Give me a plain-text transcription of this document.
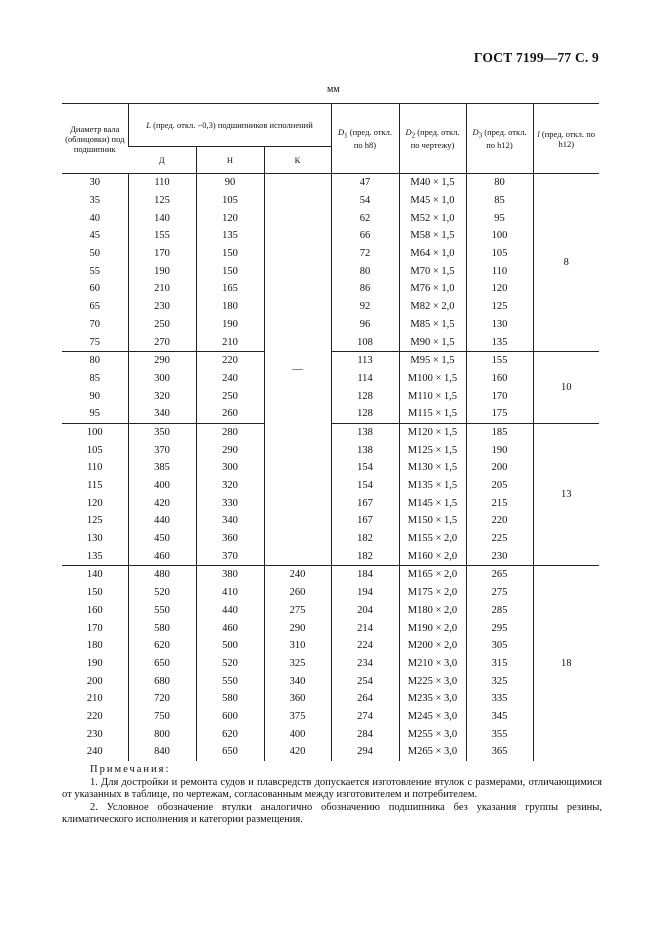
ГОСТ 7199—77 С. 9
мм
Диаметр вала (облицовки) под подшипник	L (пред. откл. −0,3) подшипников исполнений			$D_1$ (пред. откл. по h8)	$D_2$ (пред. откл. по чертежу)	$D_3$ (пред. откл. по h12)	l (пред. откл. по h12)
	Д	Н	К				
30	110	90	—	47	M40 × 1,5	80	8
35	125	105		54	M45 × 1,0	85	
40	140	120		62	M52 × 1,0	95	
45	155	135		66	M58 × 1,5	100	
50	170	150		72	M64 × 1,0	105	
55	190	150		80	M70 × 1,5	110	
60	210	165		86	M76 × 1,0	120	
65	230	180		92	M82 × 2,0	125	
70	250	190		96	M85 × 1,5	130	
75	270	210		108	M90 × 1,5	135	
80	290	220		113	M95 × 1,5	155	10
85	300	240		114	M100 × 1,5	160	
90	320	250		128	M110 × 1,5	170	
95	340	260		128	M115 × 1,5	175	
100	350	280		138	M120 × 1,5	185	13
105	370	290		138	M125 × 1,5	190	
110	385	300		154	M130 × 1,5	200	
115	400	320		154	M135 × 1,5	205	
120	420	330		167	M145 × 1,5	215	
125	440	340		167	M150 × 1,5	220	
130	450	360		182	M155 × 2,0	225	
135	460	370		182	M160 × 2,0	230	
140	480	380	240	184	M165 × 2,0	265	18
150	520	410	260	194	M175 × 2,0	275	
160	550	440	275	204	M180 × 2,0	285	
170	580	460	290	214	M190 × 2,0	295	
180	620	500	310	224	M200 × 2,0	305	
190	650	520	325	234	M210 × 3,0	315	
200	680	550	340	254	M225 × 3,0	325	
210	720	580	360	264	M235 × 3,0	335	
220	750	600	375	274	M245 × 3,0	345	
230	800	620	400	284	M255 × 3,0	355	
240	840	650	420	294	M265 × 3,0	365	

Примечания:

1. Для достройки и ремонта судов и плавсредств допускается изготовление втулок с размерами, отличающимися от указанных в таблице, по чертежам, согласованным между изготовителем и потребителем.

2. Условное обозначение втулки аналогично обозначению подшипника без указания группы резины, климатического исполнения и категории размещения.
